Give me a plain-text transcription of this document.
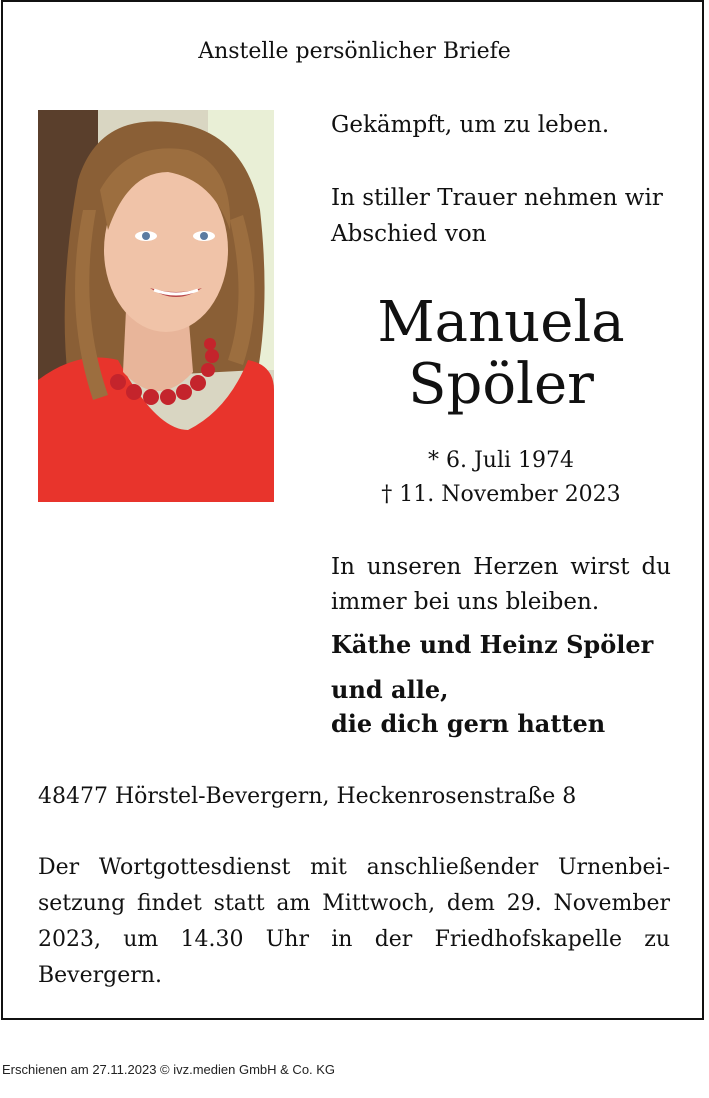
Anstelle persönlicher Briefe
Gekämpft, um zu leben.
In stiller Trauer nehmen wir
Abschied von
Manuela
Spöler
* 6. Juli 1974
† 11. November 2023
In unseren Herzen wirst du immer bei uns bleiben.
Käthe und Heinz Spöler
und alle,
die dich gern hatten
48477 Hörstel-Bevergern, Heckenrosenstraße 8
Der Wortgottesdienst mit anschließender Urnenbei-setzung findet statt am Mittwoch, dem 29. November 2023, um 14.30 Uhr in der Friedhofskapelle zu Bevergern.
Erschienen am 27.11.2023 © ivz.medien GmbH & Co. KG
